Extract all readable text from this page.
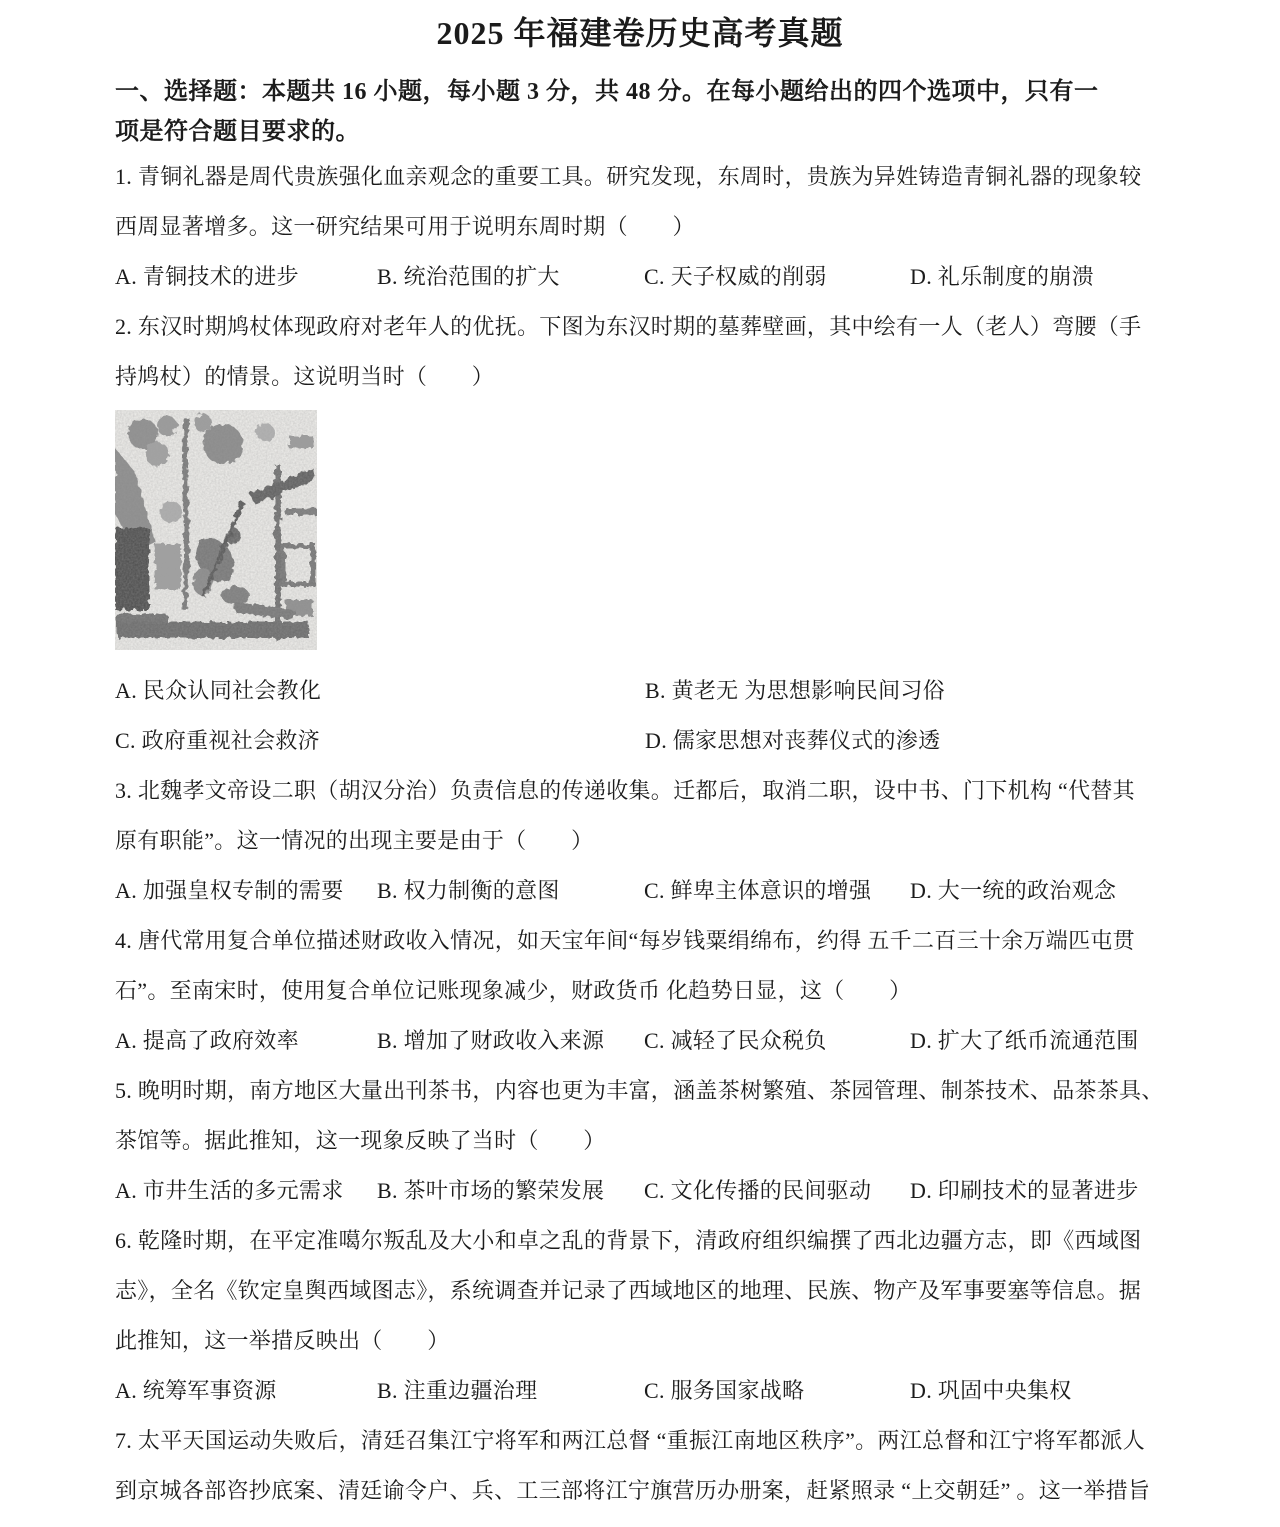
2025 年福建卷历史高考真题
一、选择题：本题共 16 小题，每小题 3 分，共 48 分。在每小题给出的四个选项中，只有一
项是符合题目要求的。
1. 青铜礼器是周代贵族强化血亲观念的重要工具。研究发现，东周时，贵族为异姓铸造青铜礼器的现象较
西周显著增多。这一研究结果可用于说明东周时期（　　）
A. 青铜技术的进步	B. 统治范围的扩大	C. 天子权威的削弱	D. 礼乐制度的崩溃
2. 东汉时期鸠杖体现政府对老年人的优抚。下图为东汉时期的墓葬壁画，其中绘有一人（老人）弯腰（手
持鸠杖）的情景。这说明当时（　　）
A. 民众认同社会教化	B. 黄老无 为思想影响民间习俗
C. 政府重视社会救济	D. 儒家思想对丧葬仪式的渗透
3. 北魏孝文帝设二职（胡汉分治）负责信息的传递收集。迁都后，取消二职，设中书、门下机构 “代替其
原有职能”。这一情况的出现主要是由于（　　）
A. 加强皇权专制的需要	B. 权力制衡的意图	C. 鲜卑主体意识的增强	D. 大一统的政治观念
4. 唐代常用复合单位描述财政收入情况，如天宝年间“每岁钱粟绢绵布，约得 五千二百三十余万端匹屯贯
石”。至南宋时，使用复合单位记账现象减少，财政货币 化趋势日显，这（　　）
A. 提高了政府效率	B. 增加了财政收入来源	C. 减轻了民众税负	D. 扩大了纸币流通范围
5. 晚明时期，南方地区大量出刊茶书，内容也更为丰富，涵盖茶树繁殖、茶园管理、制茶技术、品茶茶具、
茶馆等。据此推知，这一现象反映了当时（　　）
A. 市井生活的多元需求	B. 茶叶市场的繁荣发展	C. 文化传播的民间驱动	D. 印刷技术的显著进步
6. 乾隆时期，在平定准噶尔叛乱及大小和卓之乱的背景下，清政府组织编撰了西北边疆方志，即《西域图
志》，全名《钦定皇舆西域图志》，系统调查并记录了西域地区的地理、民族、物产及军事要塞等信息。据
此推知，这一举措反映出（　　）
A. 统筹军事资源	B. 注重边疆治理	C. 服务国家战略	D. 巩固中央集权
7. 太平天国运动失败后，清廷召集江宁将军和两江总督 “重振江南地区秩序”。两江总督和江宁将军都派人
到京城各部咨抄底案、清廷谕令户、兵、工三部将江宁旗营历办册案，赶紧照录 “上交朝廷” 。这一举措旨
